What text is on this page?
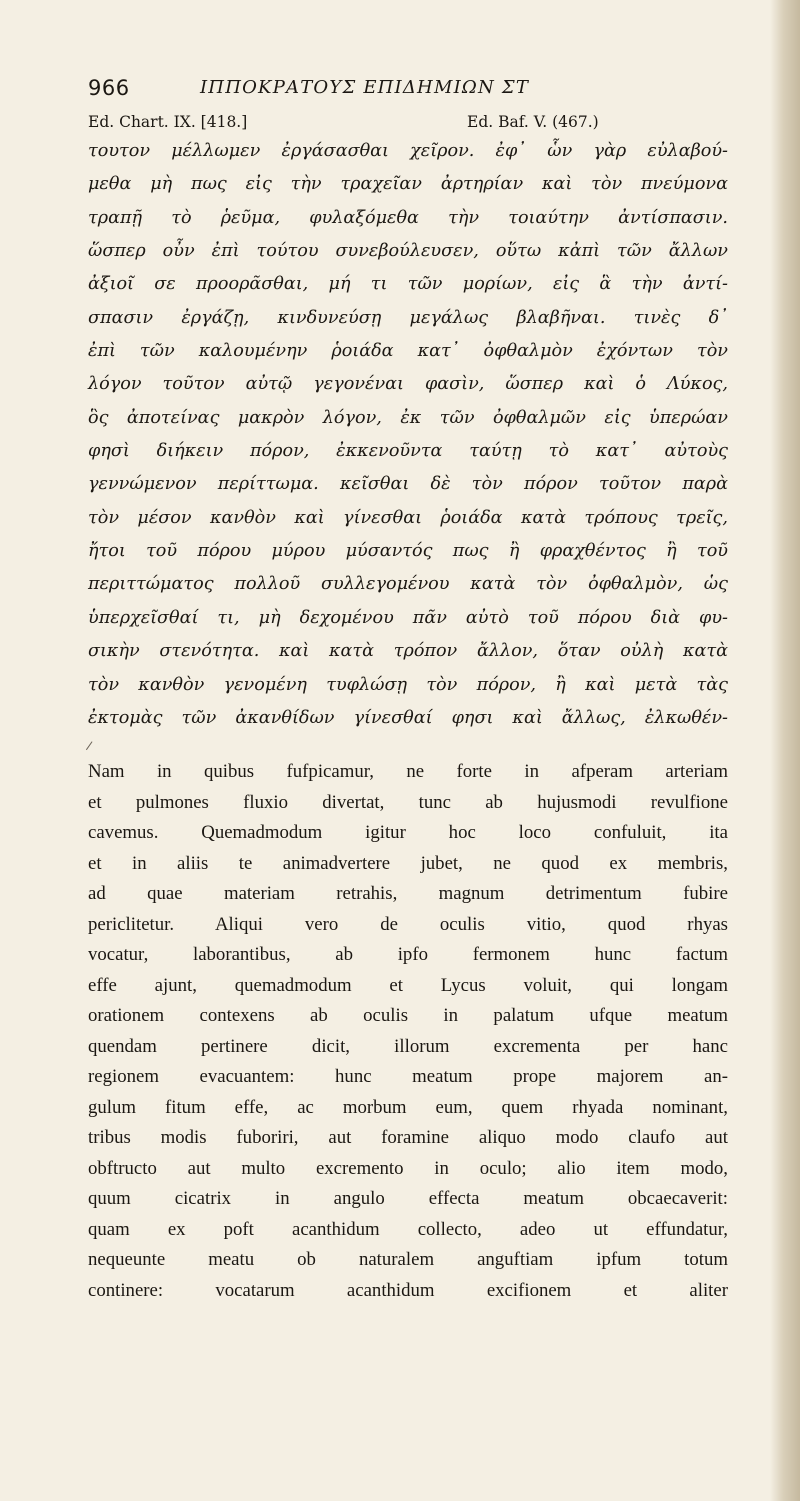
966	ΙΠΠΟΚΡΑΤΟΥΣ ΕΠΙΔΗΜΙΩΝ ΣΤ
Ed. Chart. IX. [418.]	Ed. Baf. V. (467.)
τουτον μέλλωμεν ἐργάσασθαι χεῖρον. ἐφ᾽ ὧν γὰρ εὐλαβού-
μεθα μὴ πως εἰς τὴν τραχεῖαν ἀρτηρίαν καὶ τὸν πνεύμονα
τραπῇ τὸ ῥεῦμα, φυλαξόμεθα τὴν τοιαύτην ἀντίσπασιν.
ὥσπερ οὖν ἐπὶ τούτου συνεβούλευσεν, οὕτω κἀπὶ τῶν ἄλλων
ἀξιοῖ σε προορᾶσθαι, μή τι τῶν μορίων, εἰς ἃ τὴν ἀντί-
σπασιν ἐργάζῃ, κινδυνεύσῃ μεγάλως βλαβῆναι. τινὲς δ᾽
ἐπὶ τῶν καλουμένην ῥοιάδα κατ᾽ ὀφθαλμὸν ἐχόντων τὸν
λόγον τοῦτον αὐτῷ γεγονέναι φασὶν, ὥσπερ καὶ ὁ Λύκος,
ὃς ἀποτείνας μακρὸν λόγον, ἐκ τῶν ὀφθαλμῶν εἰς ὑπερώαν
φησὶ διήκειν πόρον, ἐκκενοῦντα ταύτῃ τὸ κατ᾽ αὐτοὺς
γεννώμενον περίττωμα. κεῖσθαι δὲ τὸν πόρον τοῦτον παρὰ
τὸν μέσον κανθὸν καὶ γίνεσθαι ῥοιάδα κατὰ τρόπους τρεῖς,
ἤτοι τοῦ πόρου μύρου μύσαντός πως ἢ φραχθέντος ἢ τοῦ
περιττώματος πολλοῦ συλλεγομένου κατὰ τὸν ὀφθαλμὸν, ὡς
ὑπερχεῖσθαί τι, μὴ δεχομένου πᾶν αὐτὸ τοῦ πόρου διὰ φυ-
σικὴν στενότητα. καὶ κατὰ τρόπον ἄλλον, ὅταν οὐλὴ κατὰ
τὸν κανθὸν γενομένη τυφλώσῃ τὸν πόρον, ἢ καὶ μετὰ τὰς
ἐκτομὰς τῶν ἀκανθίδων γίνεσθαί φησι καὶ ἄλλως, ἐλκωθέν-
Nam in quibus fufpicamur, ne forte in afperam arteriam
et pulmones fluxio divertat, tunc ab hujusmodi revulfione
cavemus. Quemadmodum igitur hoc loco confuluit, ita
et in aliis te animadvertere jubet, ne quod ex membris,
ad quae materiam retrahis, magnum detrimentum fubire
periclitetur. Aliqui vero de oculis vitio, quod rhyas
vocatur, laborantibus, ab ipfo fermonem hunc factum
effe ajunt, quemadmodum et Lycus voluit, qui longam
orationem contexens ab oculis in palatum ufque meatum
quendam pertinere dicit, illorum excrementa per hanc
regionem evacuantem: hunc meatum prope majorem an-
gulum fitum effe, ac morbum eum, quem rhyada nominant,
tribus modis fuboriri, aut foramine aliquo modo claufo aut
obftructo aut multo excremento in oculo; alio item modo,
quum cicatrix in angulo effecta meatum obcaecaverit:
quam ex poft acanthidum collecto, adeo ut effundatur,
nequeunte meatu ob naturalem anguftiam ipfum totum
continere: vocatarum acanthidum excifionem et aliter
